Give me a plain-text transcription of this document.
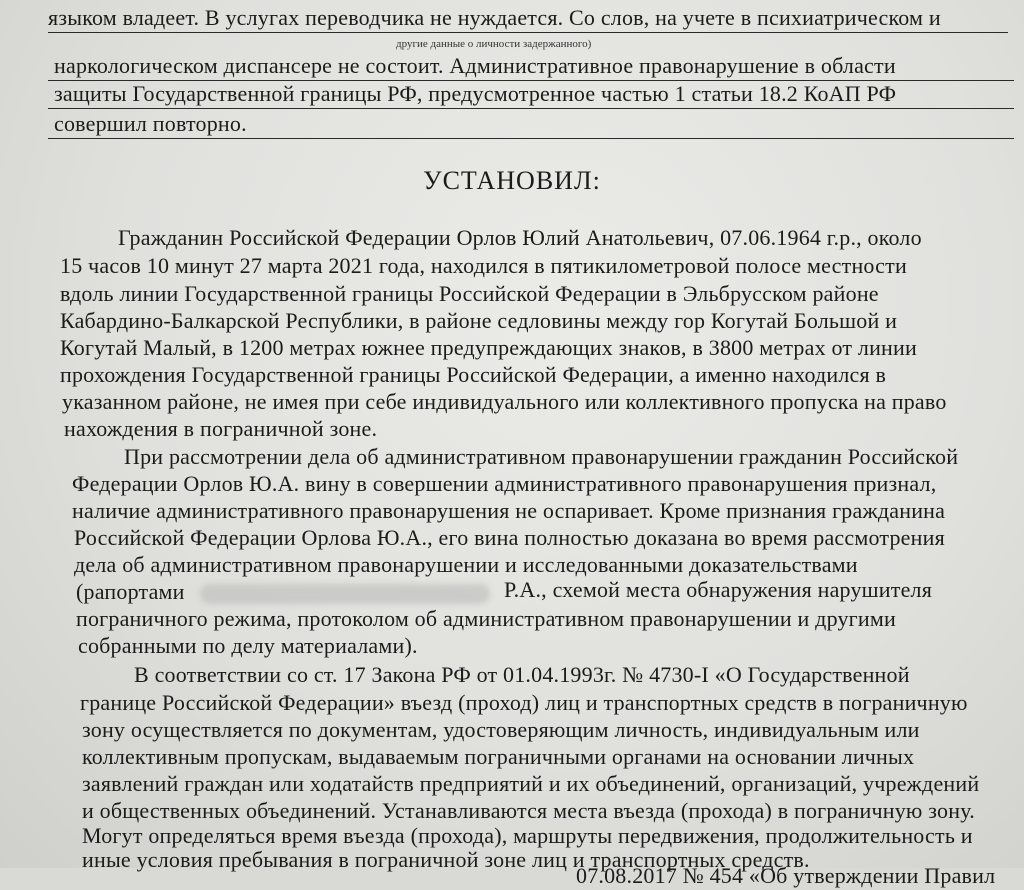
языком владеет. В услугах переводчика не нуждается. Со слов, на учете в психиатрическом и
другие данные о личности задержанного)
наркологическом диспансере не состоит. Административное правонарушение в области
защиты Государственной границы РФ, предусмотренное частью 1 статьи 18.2 КоАП РФ
совершил повторно.
УСТАНОВИЛ:
Гражданин Российской Федерации Орлов Юлий Анатольевич, 07.06.1964 г.р., около
15 часов 10 минут 27 марта 2021 года, находился в пятикилометровой полосе местности
вдоль линии Государственной границы Российской Федерации в Эльбрусском районе
Кабардино-Балкарской Республики, в районе седловины между гор Когутай Большой и
Когутай Малый, в 1200 метрах южнее предупреждающих знаков, в 3800 метрах от линии
прохождения Государственной границы Российской Федерации, а именно находился в
указанном районе, не имея при себе индивидуального или коллективного пропуска на право
нахождения в пограничной зоне.
При рассмотрении дела об административном правонарушении гражданин Российской
Федерации Орлов Ю.А. вину в совершении административного правонарушения признал,
наличие административного правонарушения не оспаривает. Кроме признания гражданина
Российской Федерации Орлова Ю.А., его вина полностью доказана во время рассмотрения
дела об административном правонарушении и исследованными доказательствами
(рапортами	Р.А., схемой места обнаружения нарушителя
пограничного режима, протоколом об административном правонарушении и другими
собранными по делу материалами).
В соответствии со ст. 17 Закона РФ от 01.04.1993г. № 4730-I «О Государственной
границе Российской Федерации» въезд (проход) лиц и транспортных средств в пограничную
зону осуществляется по документам, удостоверяющим личность, индивидуальным или
коллективным пропускам, выдаваемым пограничными органами на основании личных
заявлений граждан или ходатайств предприятий и их объединений, организаций, учреждений
и общественных объединений. Устанавливаются места въезда (прохода) в пограничную зону.
Могут определяться время въезда (прохода), маршруты передвижения, продолжительность и
иные условия пребывания в пограничной зоне лиц и транспортных средств.
07.08.2017 № 454 «Об утверждении Правил
